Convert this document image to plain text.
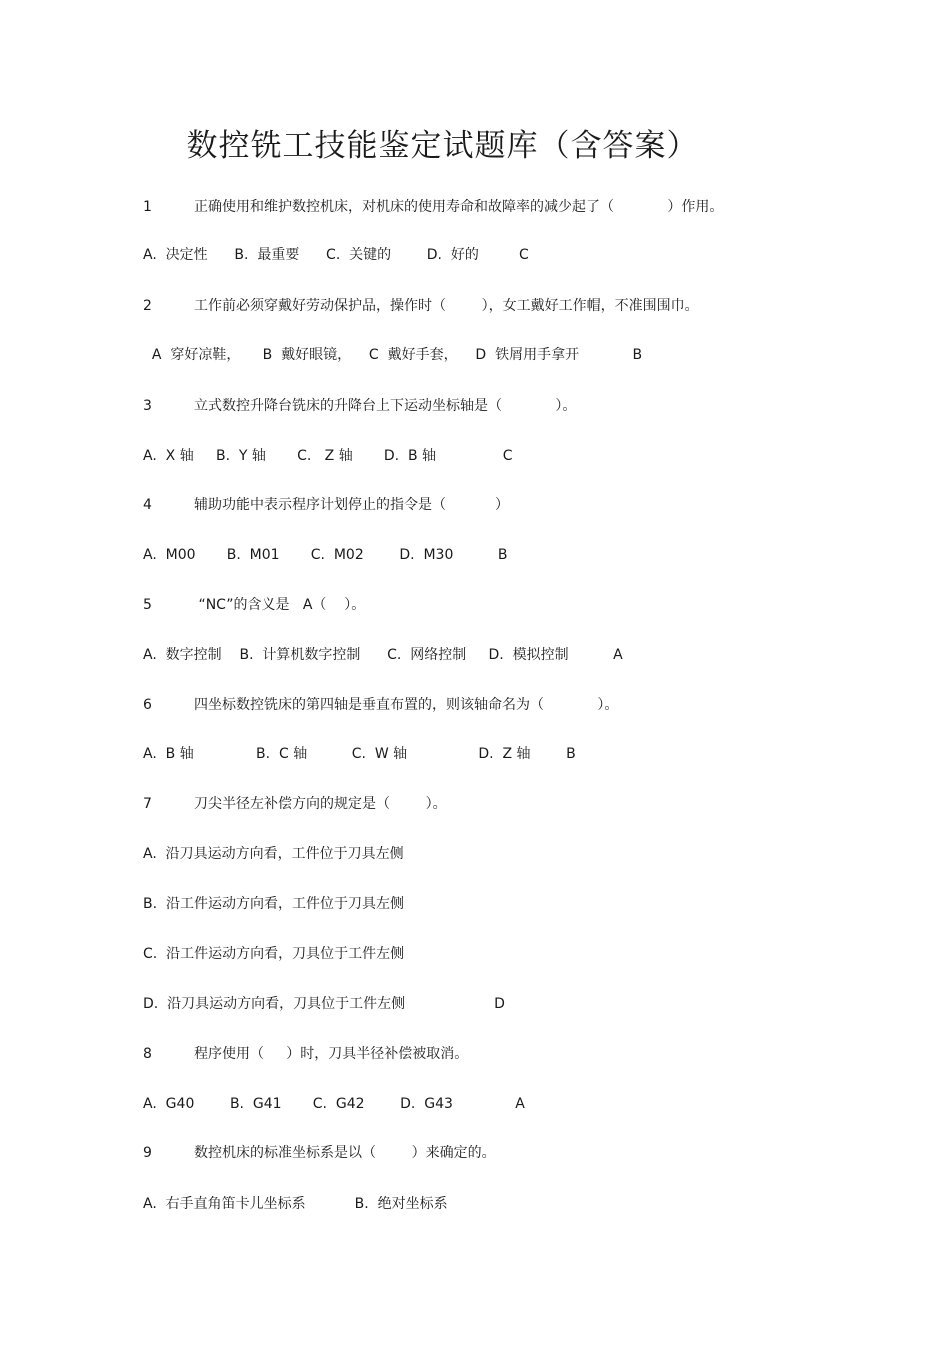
数控铣工技能鉴定试题库（含答案）
1	正确使用和维护数控机床，对机床的使用寿命和故障率的减少起了（            ）作用。
A.  决定性      B.  最重要      C.  关键的        D.  好的         C
2	工作前必须穿戴好劳动保护品，操作时（        ），女工戴好工作帽，不准围围巾。
A  穿好凉鞋，     B  戴好眼镜，    C  戴好手套，    D  铁屑用手拿开            B
3	立式数控升降台铣床的升降台上下运动坐标轴是（            ）。
A.  X 轴     B.  Y 轴       C.   Z 轴       D.  B 轴               C
4	辅助功能中表示程序计划停止的指令是（           ）
A.  M00       B.  M01       C.  M02        D.  M30          B
5	“NC”的含义是   A（    ）。
A.  数字控制    B.  计算机数字控制      C.  网络控制     D.  模拟控制          A
6	四坐标数控铣床的第四轴是垂直布置的，则该轴命名为（            ）。
A.  B 轴              B.  C 轴          C.  W 轴                D.  Z 轴        B
7	刀尖半径左补偿方向的规定是（        ）。
A.  沿刀具运动方向看，工件位于刀具左侧
B.  沿工件运动方向看，工件位于刀具左侧
C.  沿工件运动方向看，刀具位于工件左侧
D.  沿刀具运动方向看，刀具位于工件左侧                    D
8	程序使用（     ）时，刀具半径补偿被取消。
A.  G40        B.  G41       C.  G42        D.  G43              A
9	数控机床的标准坐标系是以（        ）来确定的。
A.  右手直角笛卡儿坐标系           B.  绝对坐标系
